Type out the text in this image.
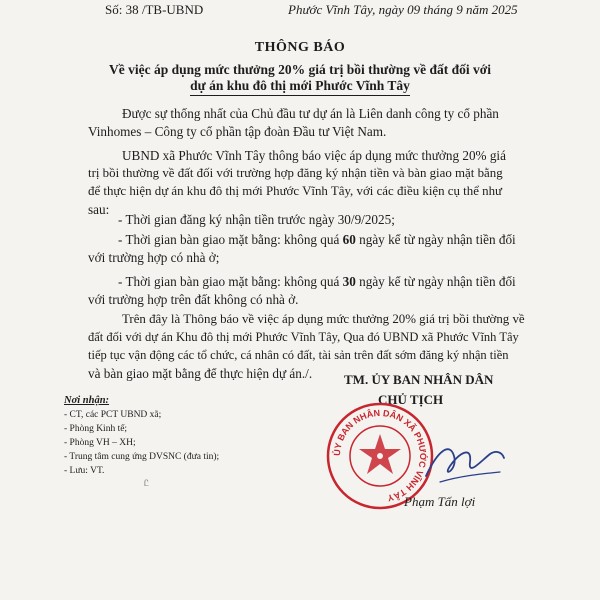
Số: 38 /TB-UBND	Phước Vĩnh Tây, ngày 09 tháng 9 năm 2025
THÔNG BÁO
Về việc áp dụng mức thưởng 20% giá trị bồi thường về đất đối với
dự án khu đô thị mới Phước Vĩnh Tây
Được sự thống nhất của Chủ đầu tư dự án là Liên danh công ty cổ phần
Vinhomes – Công ty cổ phần tập đoàn Đầu tư Việt Nam.
UBND xã Phước Vĩnh Tây thông báo việc áp dụng mức thưởng 20% giá
trị bồi thường về đất đối với trường hợp đăng ký nhận tiền và bàn giao mặt bằng
để thực hiện dự án khu đô thị mới Phước Vĩnh Tây, với các điều kiện cụ thể như
sau:
- Thời gian đăng ký nhận tiền trước ngày 30/9/2025;
- Thời gian bàn giao mặt bằng: không quá 60 ngày kể từ ngày nhận tiền đối
với trường hợp có nhà ở;
- Thời gian bàn giao mặt bằng: không quá 30 ngày kể từ ngày nhận tiền đối
với trường hợp trên đất không có nhà ở.
Trên đây là Thông báo về việc áp dụng mức thưởng 20% giá trị bồi thường về
đất đối với dự án Khu đô thị mới Phước Vĩnh Tây, Qua đó UBND xã Phước Vĩnh Tây
tiếp tục vận động các tổ chức, cá nhân có đất, tài sản trên đất sớm đăng ký nhận tiền
và bàn giao mặt bằng để thực hiện dự án./.
Nơi nhận:
- CT, các PCT UBND xã;
- Phòng Kinh tế;
- Phòng VH – XH;
- Trung tâm cung ứng DVSNC (đưa tin);
- Lưu: VT.
Ꮭ
TM. ỦY BAN NHÂN DÂN
CHỦ TỊCH
ỦY BAN NHÂN DÂN XÃ PHƯỚC VĨNH TÂY Phạm Tấn lợi
